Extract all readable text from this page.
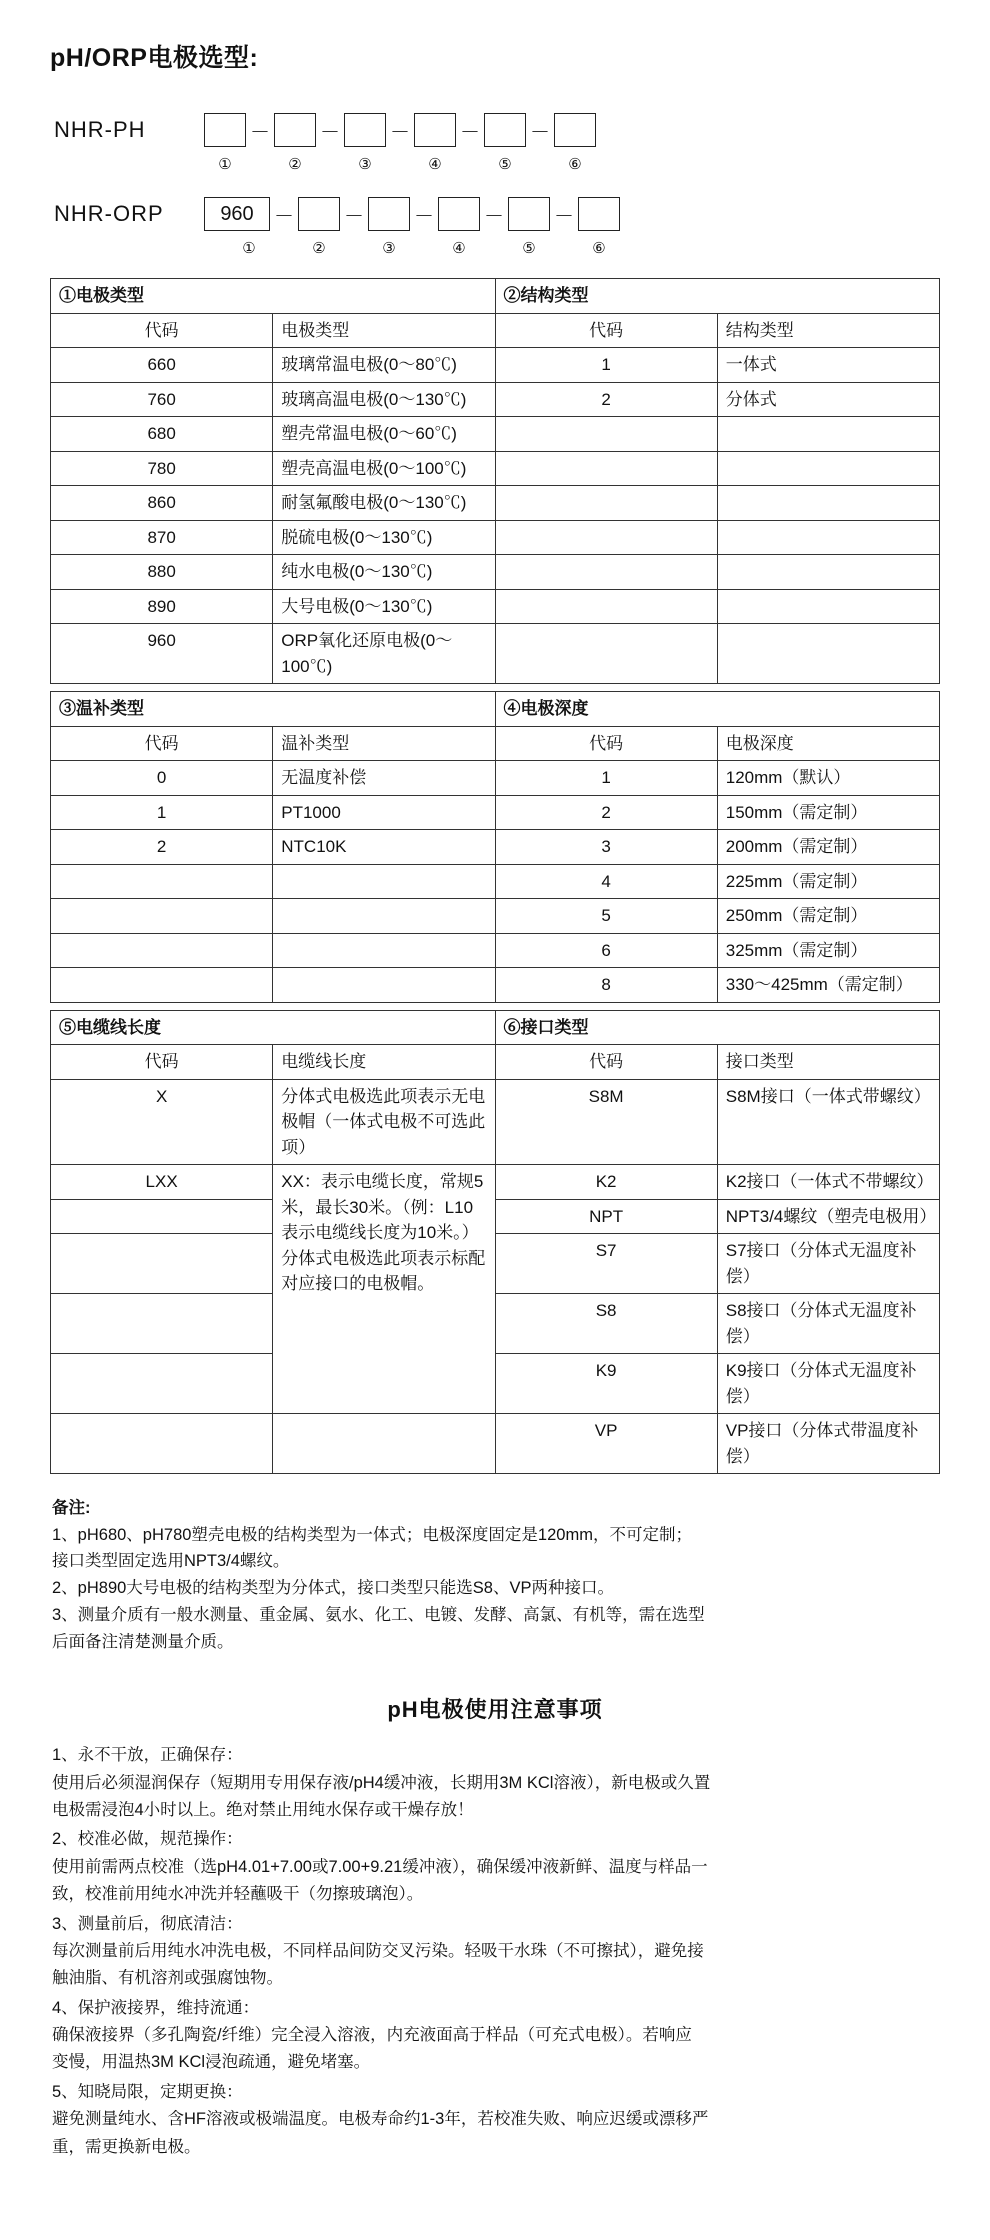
pH/ORP电极选型:
NHR-PH	－	－	－	－	－
①	②	③	④	⑤	⑥
NHR-ORP	960	－	－	－	－	－
①	②	③	④	⑤	⑥
①电极类型		②结构类型	
代码	电极类型	代码	结构类型
660	玻璃常温电极(0～80℃)	1	一体式
760	玻璃高温电极(0～130℃)	2	分体式
680	塑壳常温电极(0～60℃)		
780	塑壳高温电极(0～100℃)		
860	耐氢氟酸电极(0～130℃)		
870	脱硫电极(0～130℃)		
880	纯水电极(0～130℃)		
890	大号电极(0～130℃)		
960	ORP氧化还原电极(0～100℃)		
③温补类型		④电极深度	
代码	温补类型	代码	电极深度
0	无温度补偿	1	120mm（默认）
1	PT1000	2	150mm（需定制）
2	NTC10K	3	200mm（需定制）
		4	225mm（需定制）
		5	250mm（需定制）
		6	325mm（需定制）
		8	330～425mm（需定制）
⑤电缆线长度		⑥接口类型	
代码	电缆线长度	代码	接口类型
X	分体式电极选此项表示无电极帽（一体式电极不可选此项）	S8M	S8M接口（一体式带螺纹）
LXX	XX：表示电缆长度，常规5米，最长30米。（例：L10表示电缆线长度为10米。）分体式电极选此项表示标配对应接口的电极帽。	K2	K2接口（一体式不带螺纹）
		NPT	NPT3/4螺纹（塑壳电极用）
		S7	S7接口（分体式无温度补偿）
		S8	S8接口（分体式无温度补偿）
		K9	K9接口（分体式无温度补偿）
		VP	VP接口（分体式带温度补偿）

备注:

1、pH680、pH780塑壳电极的结构类型为一体式；电极深度固定是120mm，不可定制；

接口类型固定选用NPT3/4螺纹。

2、pH890大号电极的结构类型为分体式，接口类型只能选S8、VP两种接口。

3、测量介质有一般水测量、重金属、氨水、化工、电镀、发酵、高氯、有机等，需在选型

后面备注清楚测量介质。

pH电极使用注意事项

1、永不干放，正确保存：

使用后必须湿润保存（短期用专用保存液/pH4缓冲液，长期用3M KCl溶液），新电极或久置

电极需浸泡4小时以上。绝对禁止用纯水保存或干燥存放！

2、校准必做，规范操作：

使用前需两点校准（选pH4.01+7.00或7.00+9.21缓冲液），确保缓冲液新鲜、温度与样品一

致，校准前用纯水冲洗并轻蘸吸干（勿擦玻璃泡）。

3、测量前后，彻底清洁：

每次测量前后用纯水冲洗电极，不同样品间防交叉污染。轻吸干水珠（不可擦拭），避免接

触油脂、有机溶剂或强腐蚀物。

4、保护液接界，维持流通：

确保液接界（多孔陶瓷/纤维）完全浸入溶液，内充液面高于样品（可充式电极）。若响应

变慢，用温热3M KCl浸泡疏通，避免堵塞。

5、知晓局限，定期更换：

避免测量纯水、含HF溶液或极端温度。电极寿命约1-3年，若校准失败、响应迟缓或漂移严

重，需更换新电极。
